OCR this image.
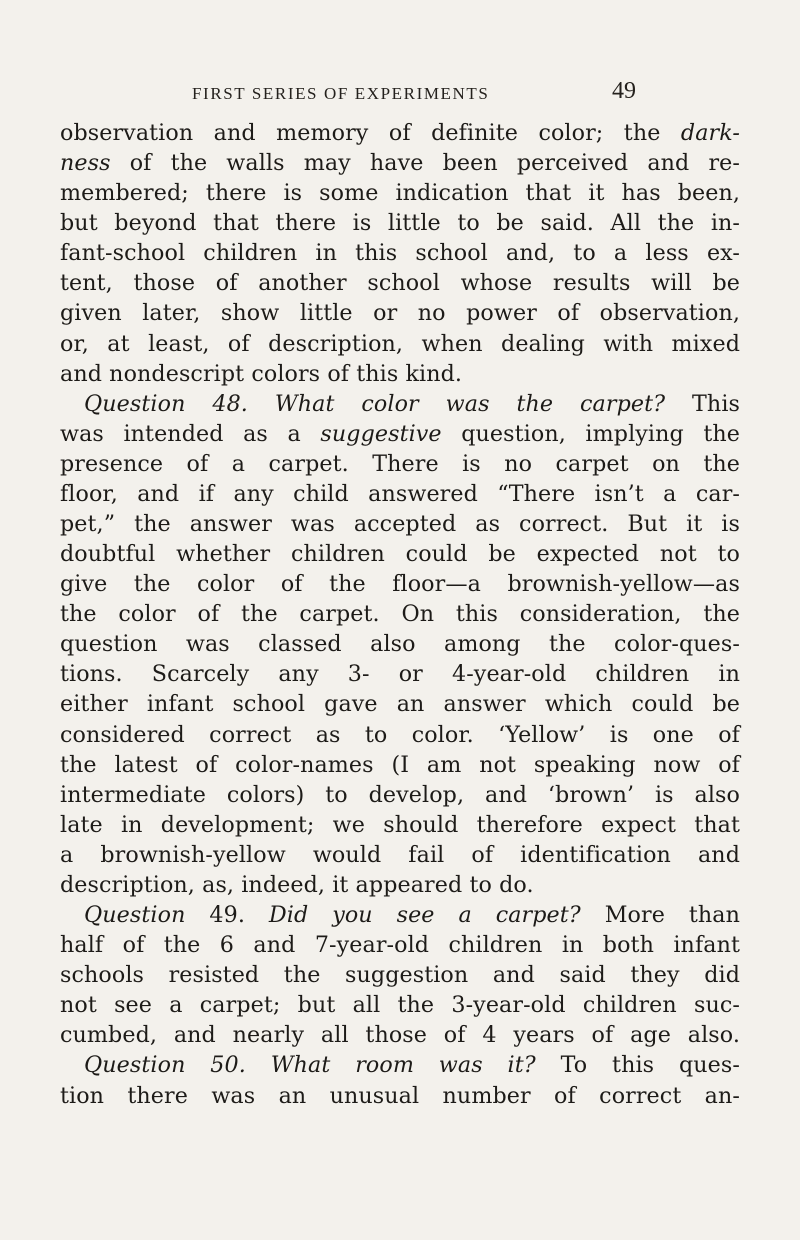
FIRST SERIES OF EXPERIMENTS	49
observation and memory of definite color; the dark-
ness of the walls may have been perceived and re-
membered; there is some indication that it has been,
but beyond that there is little to be said. All the in-
fant-school children in this school and, to a less ex-
tent, those of another school whose results will be
given later, show little or no power of observation,
or, at least, of description, when dealing with mixed
and nondescript colors of this kind.
Question 48. What color was the carpet? This
was intended as a suggestive question, implying the
presence of a carpet. There is no carpet on the
floor, and if any child answered “There isn’t a car-
pet,” the answer was accepted as correct. But it is
doubtful whether children could be expected not to
give the color of the floor—a brownish-yellow—as
the color of the carpet. On this consideration, the
question was classed also among the color-ques-
tions. Scarcely any 3- or 4-year-old children in
either infant school gave an answer which could be
considered correct as to color. ‘Yellow’ is one of
the latest of color-names (I am not speaking now of
intermediate colors) to develop, and ‘brown’ is also
late in development; we should therefore expect that
a brownish-yellow would fail of identification and
description, as, indeed, it appeared to do.
Question 49. Did you see a carpet? More than
half of the 6 and 7-year-old children in both infant
schools resisted the suggestion and said they did
not see a carpet; but all the 3-year-old children suc-
cumbed, and nearly all those of 4 years of age also.
Question 50. What room was it? To this ques-
tion there was an unusual number of correct an-
